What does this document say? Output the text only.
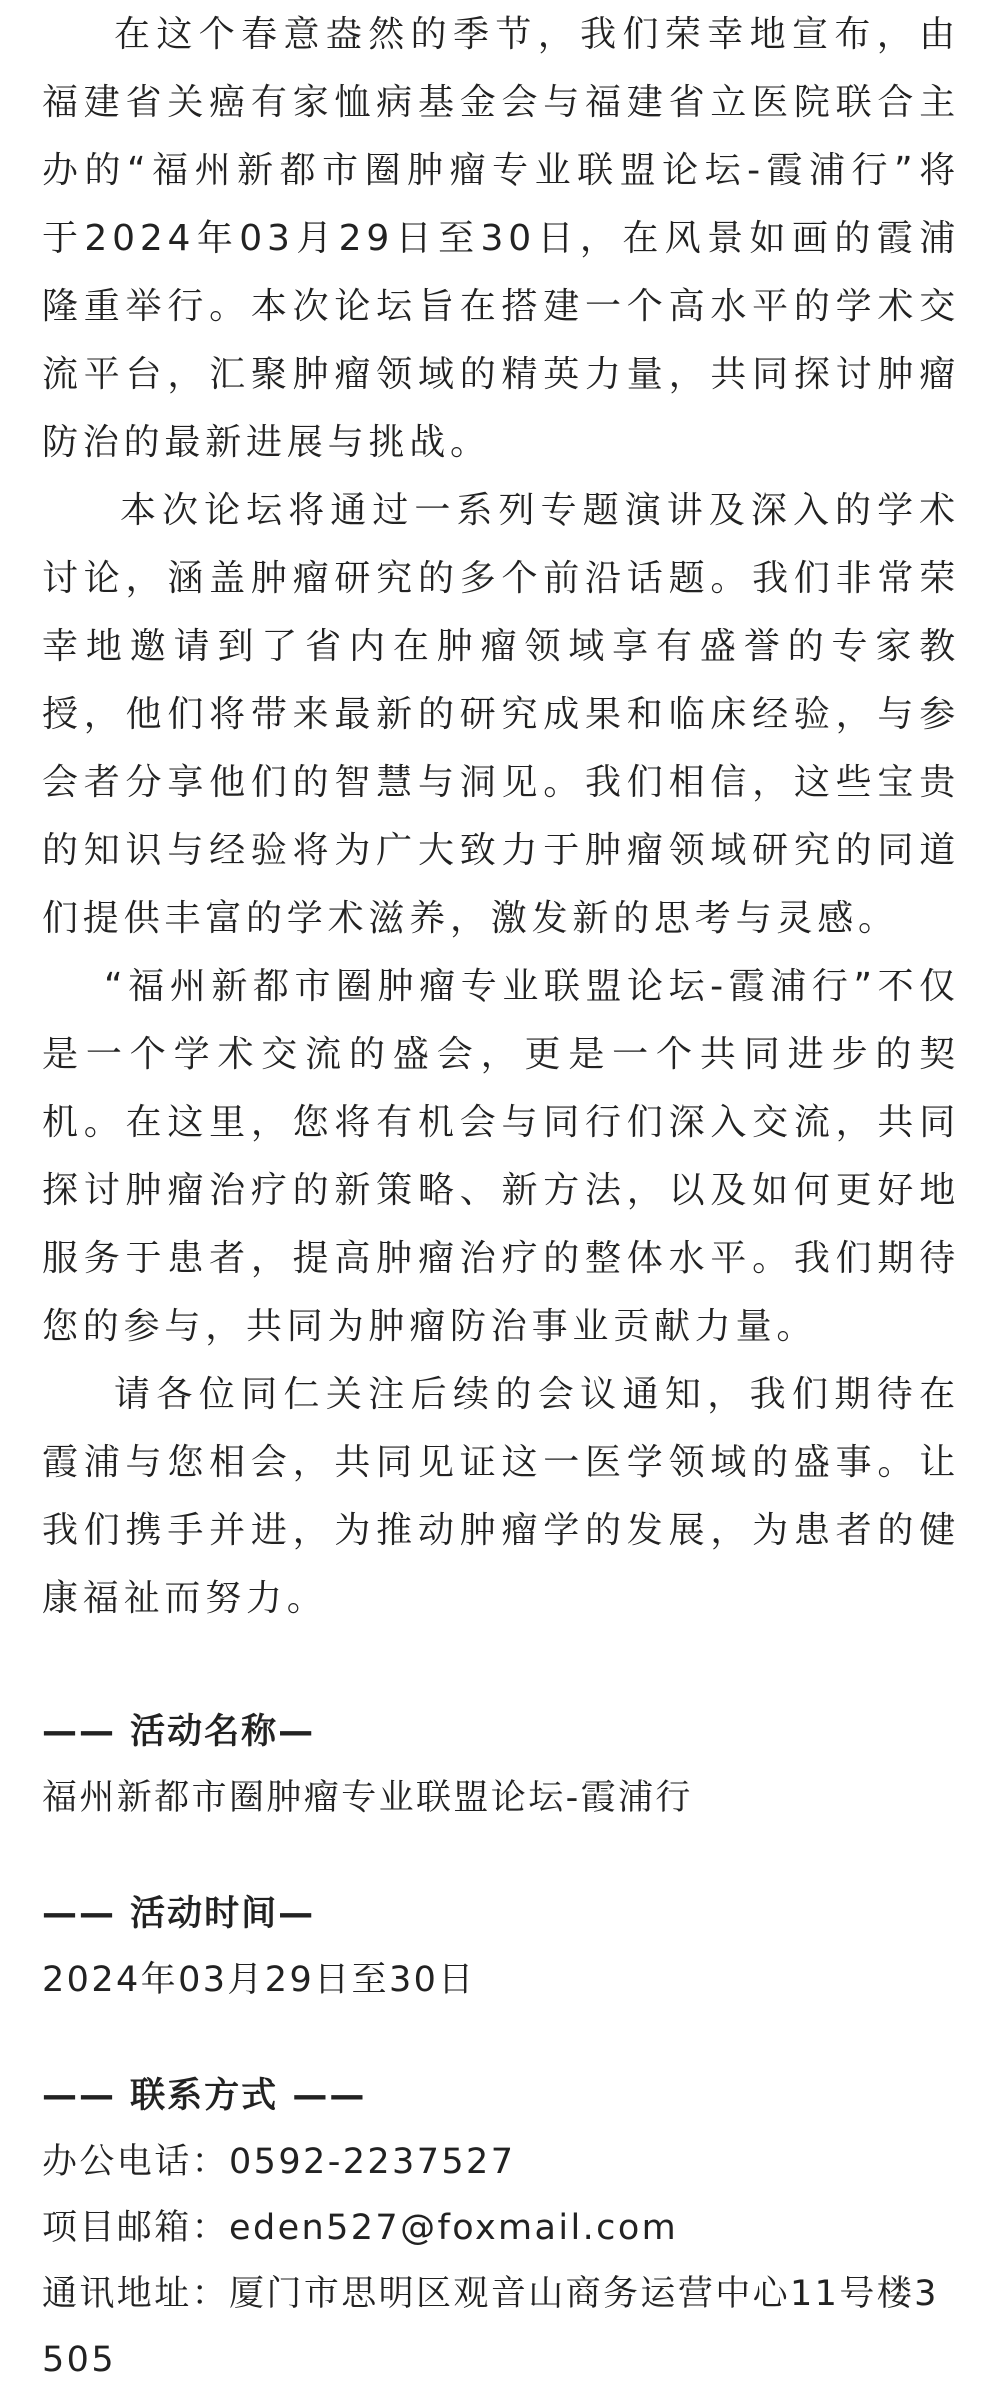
在这个春意盎然的季节，我们荣幸地宣布，由福建省关癌有家恤病基金会与福建省立医院联合主办的“福州新都市圈肿瘤专业联盟论坛-霞浦行”将于2024年03月29日至30日，在风景如画的霞浦隆重举行。本次论坛旨在搭建一个高水平的学术交流平台，汇聚肿瘤领域的精英力量，共同探讨肿瘤防治的最新进展与挑战。

本次论坛将通过一系列专题演讲及深入的学术讨论，涵盖肿瘤研究的多个前沿话题。我们非常荣幸地邀请到了省内在肿瘤领域享有盛誉的专家教授，他们将带来最新的研究成果和临床经验，与参会者分享他们的智慧与洞见。我们相信，这些宝贵的知识与经验将为广大致力于肿瘤领域研究的同道们提供丰富的学术滋养，激发新的思考与灵感。

“福州新都市圈肿瘤专业联盟论坛-霞浦行”不仅是一个学术交流的盛会，更是一个共同进步的契机。在这里，您将有机会与同行们深入交流，共同探讨肿瘤治疗的新策略、新方法，以及如何更好地服务于患者，提高肿瘤治疗的整体水平。我们期待您的参与，共同为肿瘤防治事业贡献力量。

请各位同仁关注后续的会议通知，我们期待在霞浦与您相会，共同见证这一医学领域的盛事。让我们携手并进，为推动肿瘤学的发展，为患者的健康福祉而努力。

—— 活动名称—

福州新都市圈肿瘤专业联盟论坛-霞浦行

—— 活动时间—

2024年03月29日至30日

—— 联系方式 ——

办公电话：0592-2237527

项目邮箱：eden527@foxmail.com

通讯地址：厦门市思明区观音山商务运营中心11号楼3505
